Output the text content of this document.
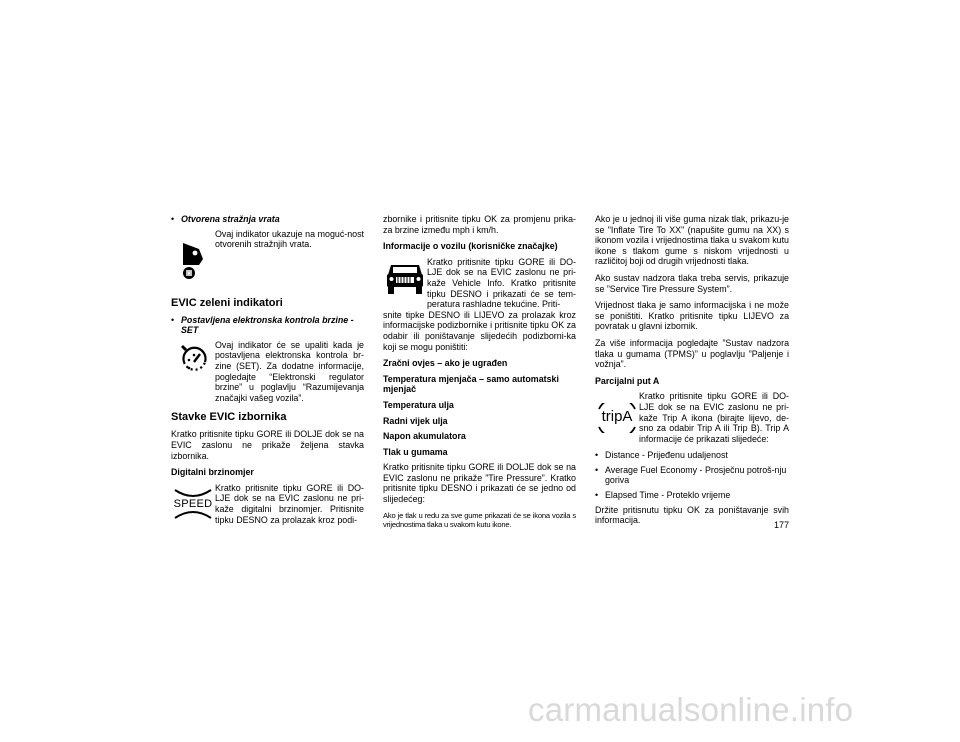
• Otvorena stražnja vrata
Ovaj indikator ukazuje na moguć-nost otvorenih stražnjih vrata.
EVIC zeleni indikatori
• Postavljena elektronska kontrola brzine - SET
Ovaj indikator će se upaliti kada je postavljena elektronska kontrola br-zine (SET). Za dodatne informacije, pogledajte “Elektronski regulator brzine” u poglavlju “Razumijevanja značajki vašeg vozila”.
Stavke EVIC izbornika

Kratko pritisnite tipku GORE ili DOLJE dok se na EVIC zaslonu ne prikaže željena stavka izbornika.

Digitalni brzinomjer
SPEED
Kratko pritisnite tipku GORE ili DO-LJE dok se na EVIC zaslonu ne pri-kaže digitalni brzinomjer. Pritisnite tipku DESNO za prolazak kroz podi-

zbornike i pritisnite tipku OK za promjenu prika-za brzine između mph i km/h.

Informacije o vozilu (korisničke značajke)
Kratko pritisnite tipku GORE ili DO-LJE dok se na EVIC zaslonu ne pri-kaže Vehicle Info. Kratko pritisnite tipku DESNO i prikazati će se tem-peratura rashladne tekućine. Priti-

snite tipke DESNO ili LIJEVO za prolazak kroz informacijske podizbornike i pritisnite tipku OK za odabir ili poništavanje slijedećih podizborni-ka koji se mogu poništiti:

Zračni ovjes – ako je ugrađen
Temperatura mjenjača – samo automatski mjenjač
Temperatura ulja
Radni vijek ulja
Napon akumulatora
Tlak u gumama

Kratko pritisnite tipku GORE ili DOLJE dok se na EVIC zaslonu ne prikaže ”Tire Pressure”. Kratko pritisnite tipku DESNO i prikazati će se jedno od slijedećeg:

Ako je tlak u redu za sve gume prikazati će se ikona vozila s vrijednostima tlaka u svakom kutu ikone.

Ako je u jednoj ili više guma nizak tlak, prikazu-je se "Inflate Tire To XX" (napušite gumu na XX) s ikonom vozila i vrijednostima tlaka u svakom kutu ikone s tlakom gume s niskom vrijednosti u različitoj boji od drugih vrijednosti tlaka.

Ako sustav nadzora tlaka treba servis, prikazuje se ”Service Tire Pressure System”.

Vrijednost tlaka je samo informacijska i ne može se poništiti. Kratko pritisnite tipku LIJEVO za povratak u glavni izbornik.

Za više informacija pogledajte ”Sustav nadzora tlaka u gumama (TPMS)” u poglavlju ”Paljenje i vožnja”.

Parcijalni put A
tripA
Kratko pritisnite tipku GORE ili DO-LJE dok se na EVIC zaslonu ne pri-kaže Trip A ikona (birajte lijevo, de-sno za odabir Trip A ili Trip B). Trip A informacije će prikazati slijedeće:
• Distance - Prijeđenu udaljenost
• Average Fuel Economy - Prosječnu potroš-nju goriva
• Elapsed Time - Proteklo vrijeme

Držite pritisnutu tipku OK za poništavanje svih informacija.	177
carmanualsonline.info
